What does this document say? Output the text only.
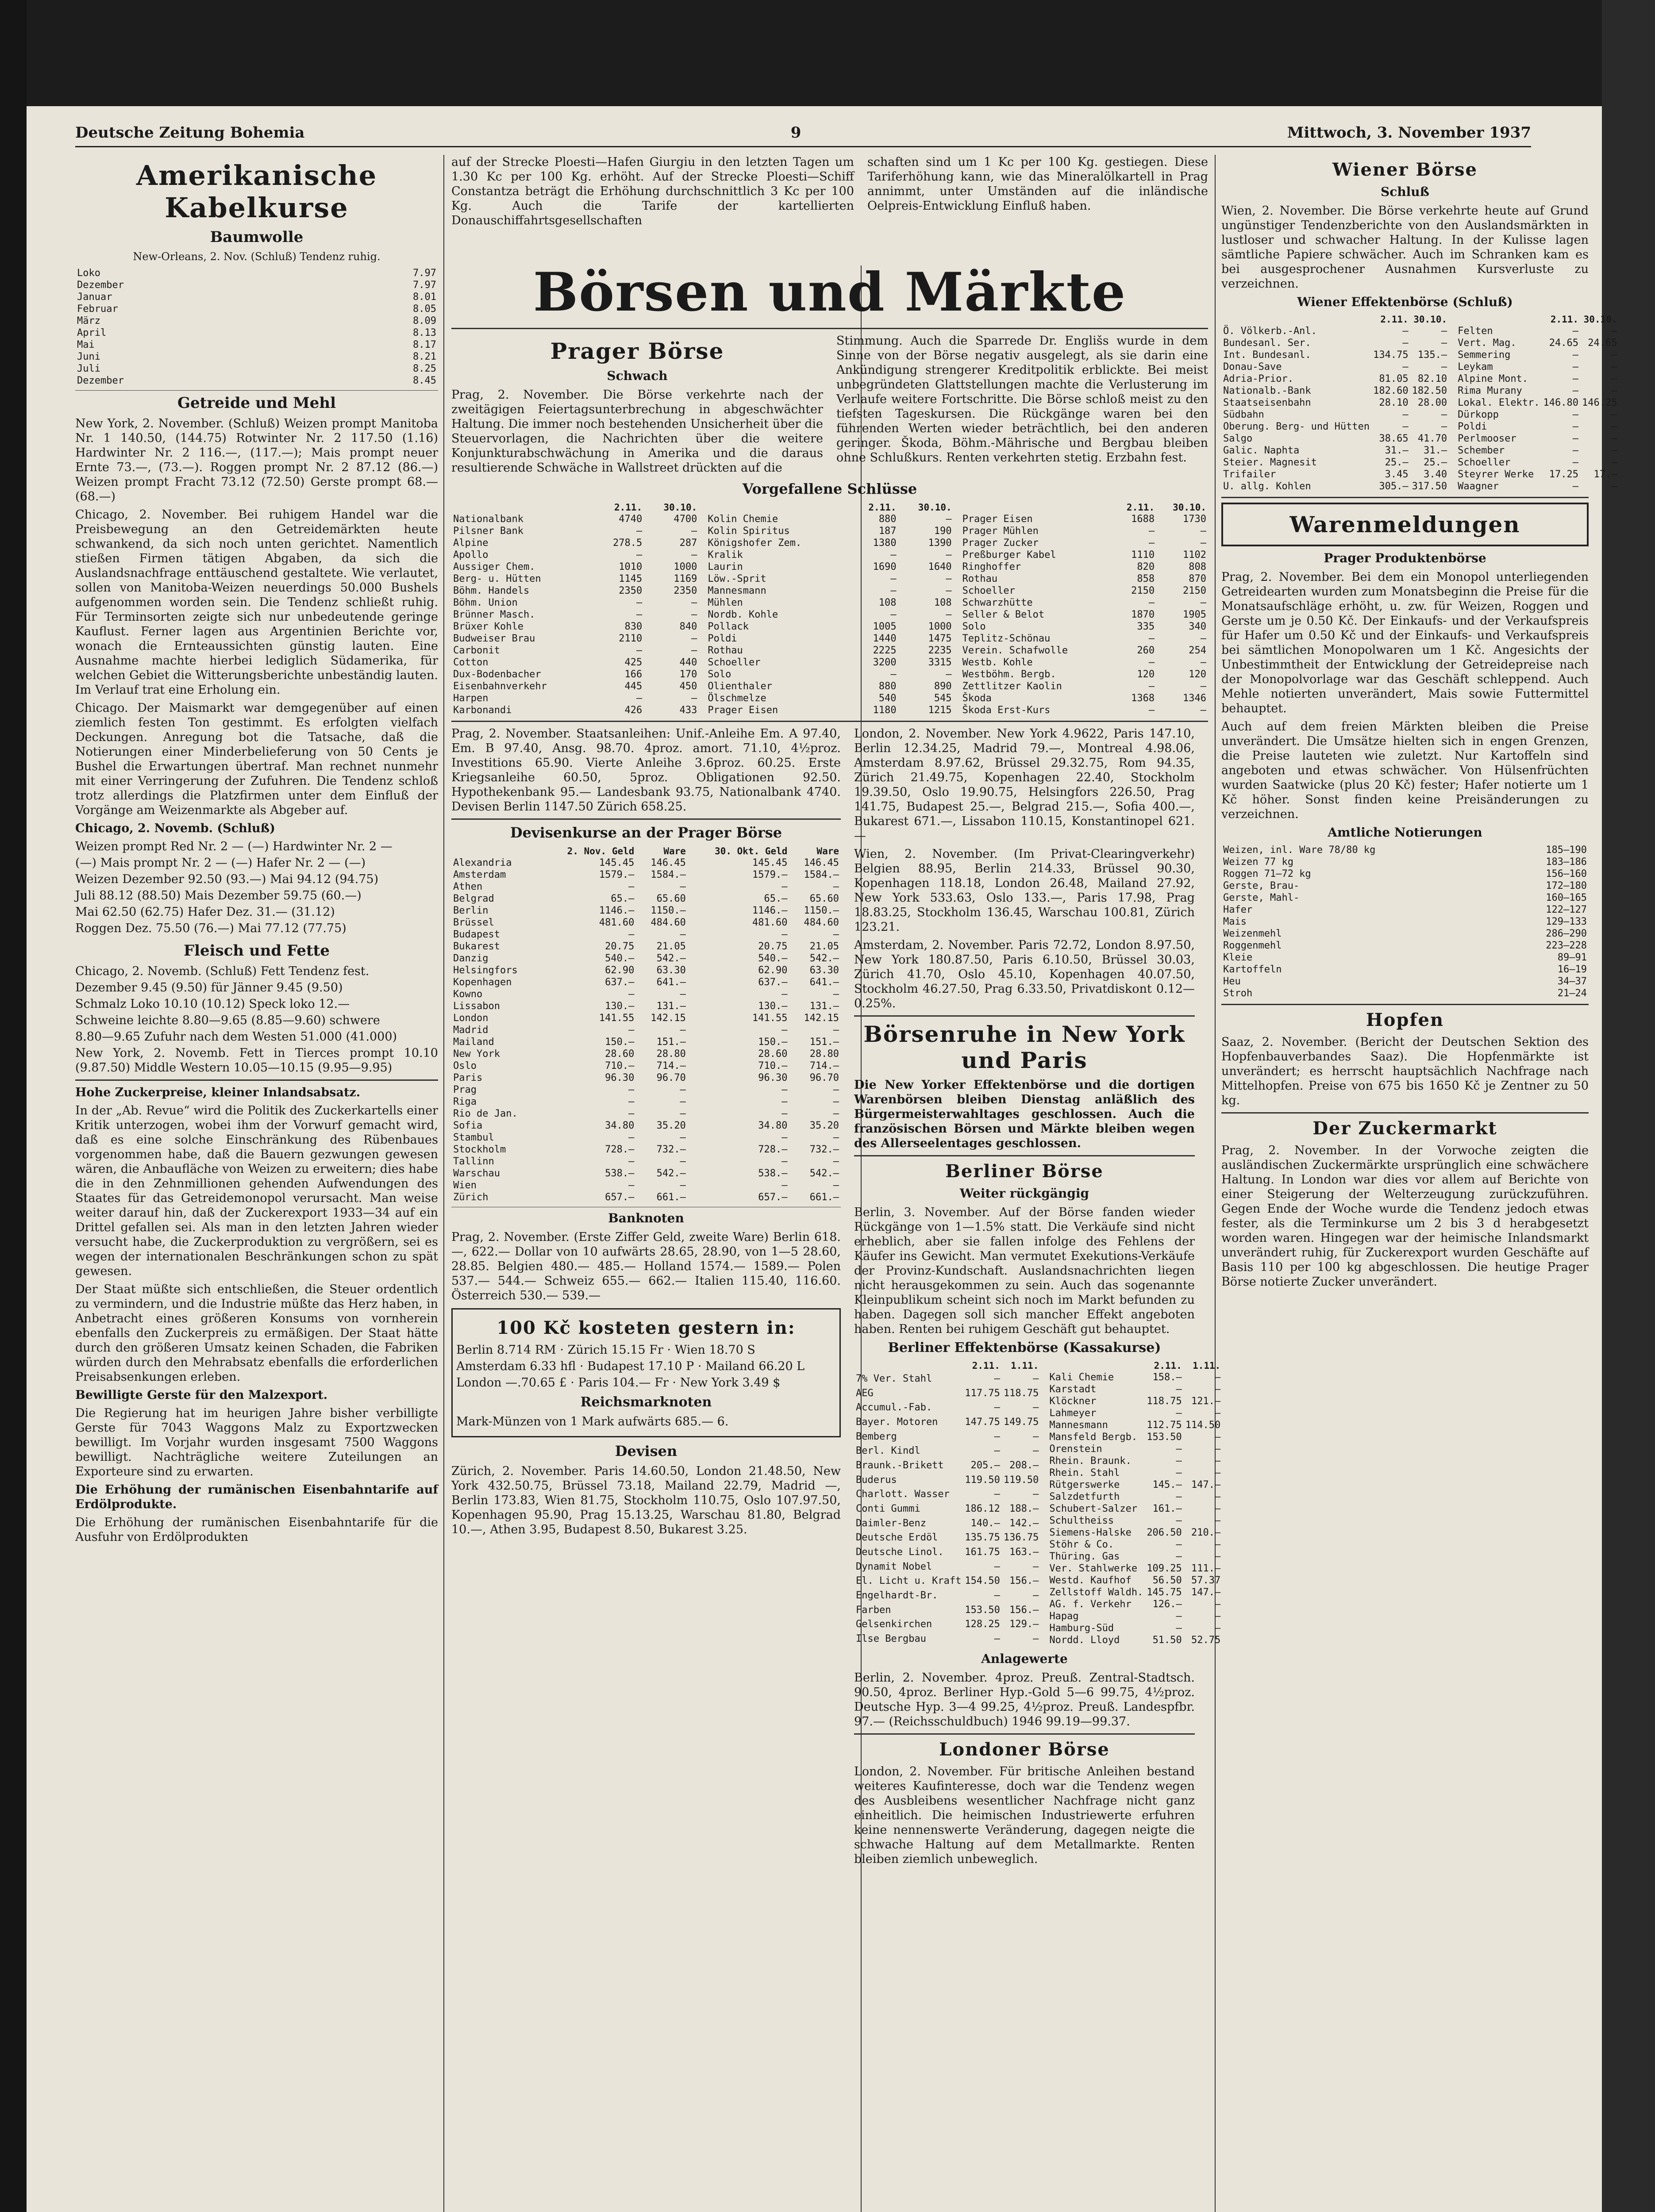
Deutsche Zeitung Bohemia	9	Mittwoch, 3. November 1937
Amerikanische Kabelkurse
Baumwolle
New-Orleans, 2. Nov. (Schluß) Tendenz ruhig.
Loko	7.97
Dezember	7.97
Januar	8.01
Februar	8.05
März	8.09
April	8.13
Mai	8.17
Juni	8.21
Juli	8.25
Dezember	8.45
Getreide und Mehl

New York, 2. November. (Schluß) Weizen prompt Manitoba Nr. 1 140.50, (144.75) Rotwinter Nr. 2 117.50 (1.16) Hardwinter Nr. 2 116.—, (117.—); Mais prompt neuer Ernte 73.—, (73.—). Roggen prompt Nr. 2 87.12 (86.—) Weizen prompt Fracht 73.12 (72.50) Gerste prompt 68.— (68.—)

Chicago, 2. November. Bei ruhigem Handel war die Preisbewegung an den Getreidemärkten heute schwankend, da sich noch unten gerichtet. Namentlich stießen Firmen tätigen Abgaben, da sich die Auslandsnachfrage enttäuschend gestaltete. Wie verlautet, sollen von Manitoba-Weizen neuerdings 50.000 Bushels aufgenommen worden sein. Die Tendenz schließt ruhig. Für Terminsorten zeigte sich nur unbedeutende geringe Kauflust. Ferner lagen aus Argentinien Berichte vor, wonach die Ernteaussichten günstig lauten. Eine Ausnahme machte hierbei lediglich Südamerika, für welchen Gebiet die Witterungsberichte unbeständig lauten. Im Verlauf trat eine Erholung ein.

Chicago. Der Maismarkt war demgegenüber auf einen ziemlich festen Ton gestimmt. Es erfolgten vielfach Deckungen. Anregung bot die Tatsache, daß die Notierungen einer Minderbelieferung von 50 Cents je Bushel die Erwartungen übertraf. Man rechnet nunmehr mit einer Verringerung der Zufuhren. Die Tendenz schloß trotz allerdings die Platzfirmen unter dem Einfluß der Vorgänge am Weizenmarkte als Abgeber auf.

Chicago, 2. Novemb. (Schluß)

Weizen prompt Red Nr. 2 — (—) Hardwinter Nr. 2 —

(—) Mais prompt Nr. 2 — (—) Hafer Nr. 2 — (—)

Weizen Dezember 92.50 (93.—) Mai 94.12 (94.75)

Juli 88.12 (88.50) Mais Dezember 59.75 (60.—)

Mai 62.50 (62.75) Hafer Dez. 31.— (31.12)

Roggen Dez. 75.50 (76.—) Mai 77.12 (77.75)

Fleisch und Fette

Chicago, 2. Novemb. (Schluß) Fett Tendenz fest.

Dezember 9.45 (9.50) für Jänner 9.45 (9.50)

Schmalz Loko 10.10 (10.12) Speck loko 12.—

Schweine leichte 8.80—9.65 (8.85—9.60) schwere

8.80—9.65 Zufuhr nach dem Westen 51.000 (41.000)

New York, 2. Novemb. Fett in Tierces prompt 10.10 (9.87.50) Middle Western 10.05—10.15 (9.95—9.95)

Hohe Zuckerpreise, kleiner Inlandsabsatz.

In der „Ab. Revue“ wird die Politik des Zuckerkartells einer Kritik unterzogen, wobei ihm der Vorwurf gemacht wird, daß es eine solche Einschränkung des Rübenbaues vorgenommen habe, daß die Bauern gezwungen gewesen wären, die Anbaufläche von Weizen zu erweitern; dies habe die in den Zehnmillionen gehenden Aufwendungen des Staates für das Getreidemonopol verursacht. Man weise weiter darauf hin, daß der Zuckerexport 1933—34 auf ein Drittel gefallen sei. Als man in den letzten Jahren wieder versucht habe, die Zuckerproduktion zu vergrößern, sei es wegen der internationalen Beschränkungen schon zu spät gewesen.

Der Staat müßte sich entschließen, die Steuer ordentlich zu vermindern, und die Industrie müßte das Herz haben, in Anbetracht eines größeren Konsums von vornherein ebenfalls den Zuckerpreis zu ermäßigen. Der Staat hätte durch den größeren Umsatz keinen Schaden, die Fabriken würden durch den Mehrabsatz ebenfalls die erforderlichen Preisabsenkungen erleben.

Bewilligte Gerste für den Malzexport.

Die Regierung hat im heurigen Jahre bisher verbilligte Gerste für 7043 Waggons Malz zu Exportzwecken bewilligt. Im Vorjahr wurden insgesamt 7500 Waggons bewilligt. Nachträgliche weitere Zuteilungen an Exporteure sind zu erwarten.

Die Erhöhung der rumänischen Eisenbahntarife auf Erdölprodukte.

Die Erhöhung der rumänischen Eisenbahntarife für die Ausfuhr von Erdölprodukten

auf der Strecke Ploesti—Hafen Giurgiu in den letzten Tagen um 1.30 Kc per 100 Kg. erhöht. Auf der Strecke Ploesti—Schiff Constantza beträgt die Erhöhung durchschnittlich 3 Kc per 100 Kg. Auch die Tarife der kartellierten Donauschiffahrtsgesellschaften

schaften sind um 1 Kc per 100 Kg. gestiegen. Diese Tariferhöhung kann, wie das Mineralölkartell in Prag annimmt, unter Umständen auf die inländische Oelpreis-Entwicklung Einfluß haben.

Börsen und Märkte
Prager Börse
Schwach

Prag, 2. November. Die Börse verkehrte nach der zweitägigen Feiertagsunterbrechung in abgeschwächter Haltung. Die immer noch bestehenden Unsicherheit über die Steuervorlagen, die Nachrichten über die weitere Konjunkturabschwächung in Amerika und die daraus resultierende Schwäche in Wallstreet drückten auf die

Stimmung. Auch die Sparrede Dr. Englišs wurde in dem Sinne von der Börse negativ ausgelegt, als sie darin eine Ankündigung strengerer Kreditpolitik erblickte. Bei meist unbegründeten Glattstellungen machte die Verlusterung im Verlaufe weitere Fortschritte. Die Börse schloß meist zu den tiefsten Tageskursen. Die Rückgänge waren bei den führenden Werten wieder beträchtlich, bei den anderen geringer. Škoda, Böhm.-Mährische und Bergbau bleiben ohne Schlußkurs. Renten verkehrten stetig. Erzbahn fest.

Vorgefallene Schlüsse
	2.11.	30.10.
Nationalbank	4740	4700
Pilsner Bank	—	—
Alpine	278.5	287
Apollo	—	—
Aussiger Chem.	1010	1000
Berg- u. Hütten	1145	1169
Böhm. Handels	2350	2350
Böhm. Union	—	—
Brünner Masch.	—	—
Brüxer Kohle	830	840
Budweiser Brau	2110	—
Carbonit	—	—
Cotton	425	440
Dux-Bodenbacher	166	170
Eisenbahnverkehr	445	450
Harpen	—	—
Karbonandi	426	433
	2.11.	30.10.
Kolin Chemie	880	—
Kolin Spiritus	187	190
Königshofer Zem.	1380	1390
Kralik	—	—
Laurin	1690	1640
Löw.-Sprit	—	—
Mannesmann	—	—
Mühlen	108	108
Nordb. Kohle	—	—
Pollack	1005	1000
Poldi	1440	1475
Rothau	2225	2235
Schoeller	3200	3315
Solo	—	—
Olienthaler	880	890
Ölschmelze	540	545
Prager Eisen	1180	1215
	2.11.	30.10.
Prager Eisen	1688	1730
Prager Mühlen	—	—
Prager Zucker	—	—
Preßburger Kabel	1110	1102
Ringhoffer	820	808
Rothau	858	870
Schoeller	2150	2150
Schwarzhütte	—	—
Seller & Belot	1870	1905
Solo	335	340
Teplitz-Schönau	—	—
Verein. Schafwolle	260	254
Westb. Kohle	—	—
Westböhm. Bergb.	120	120
Zettlitzer Kaolin	—	—
Škoda	1368	1346
Škoda Erst-Kurs	—	—

Prag, 2. November. Staatsanleihen: Unif.-Anleihe Em. A 97.40, Em. B 97.40, Ansg. 98.70. 4proz. amort. 71.10, 4½proz. Investitions 65.90. Vierte Anleihe 3.6proz. 60.25. Erste Kriegsanleihe 60.50, 5proz. Obligationen 92.50. Hypothekenbank 95.— Landesbank 93.75, Nationalbank 4740. Devisen Berlin 1147.50 Zürich 658.25.

Devisenkurse an der Prager Börse
	2. Nov. Geld	Ware	30. Okt. Geld	Ware
Alexandria	145.45	146.45	145.45	146.45
Amsterdam	1579.—	1584.—	1579.—	1584.—
Athen	—	—	—	—
Belgrad	65.—	65.60	65.—	65.60
Berlin	1146.—	1150.—	1146.—	1150.—
Brüssel	481.60	484.60	481.60	484.60
Budapest	—	—	—	—
Bukarest	20.75	21.05	20.75	21.05
Danzig	540.—	542.—	540.—	542.—
Helsingfors	62.90	63.30	62.90	63.30
Kopenhagen	637.—	641.—	637.—	641.—
Kowno	—	—	—	—
Lissabon	130.—	131.—	130.—	131.—
London	141.55	142.15	141.55	142.15
Madrid	—	—	—	—
Mailand	150.—	151.—	150.—	151.—
New York	28.60	28.80	28.60	28.80
Oslo	710.—	714.—	710.—	714.—
Paris	96.30	96.70	96.30	96.70
Prag	—	—	—	—
Riga	—	—	—	—
Rio de Jan.	—	—	—	—
Sofia	34.80	35.20	34.80	35.20
Stambul	—	—	—	—
Stockholm	728.—	732.—	728.—	732.—
Tallinn	—	—	—	—
Warschau	538.—	542.—	538.—	542.—
Wien	—	—	—	—
Zürich	657.—	661.—	657.—	661.—
Banknoten

Prag, 2. November. (Erste Ziffer Geld, zweite Ware) Berlin 618.—, 622.— Dollar von 10 aufwärts 28.65, 28.90, von 1—5 28.60, 28.85. Belgien 480.— 485.— Holland 1574.— 1589.— Polen 537.— 544.— Schweiz 655.— 662.— Italien 115.40, 116.60. Österreich 530.— 539.—

100 Kč kosteten gestern in:

Berlin 8.714 RM · Zürich 15.15 Fr · Wien 18.70 S

Amsterdam 6.33 hfl · Budapest 17.10 P · Mailand 66.20 L

London —.70.65 £ · Paris 104.— Fr · New York 3.49 $

Reichsmarknoten

Mark-Münzen von 1 Mark aufwärts 685.— 6.

Devisen

Zürich, 2. November. Paris 14.60.50, London 21.48.50, New York 432.50.75, Brüssel 73.18, Mailand 22.79, Madrid —, Berlin 173.83, Wien 81.75, Stockholm 110.75, Oslo 107.97.50, Kopenhagen 95.90, Prag 15.13.25, Warschau 81.80, Belgrad 10.—, Athen 3.95, Budapest 8.50, Bukarest 3.25.

London, 2. November. New York 4.9622, Paris 147.10, Berlin 12.34.25, Madrid 79.—, Montreal 4.98.06, Amsterdam 8.97.62, Brüssel 29.32.75, Rom 94.35, Zürich 21.49.75, Kopenhagen 22.40, Stockholm 19.39.50, Oslo 19.90.75, Helsingfors 226.50, Prag 141.75, Budapest 25.—, Belgrad 215.—, Sofia 400.—, Bukarest 671.—, Lissabon 110.15, Konstantinopel 621.—

Wien, 2. November. (Im Privat-Clearingverkehr) Belgien 88.95, Berlin 214.33, Brüssel 90.30, Kopenhagen 118.18, London 26.48, Mailand 27.92, New York 533.63, Oslo 133.—, Paris 17.98, Prag 18.83.25, Stockholm 136.45, Warschau 100.81, Zürich 123.21.

Amsterdam, 2. November. Paris 72.72, London 8.97.50, New York 180.87.50, Paris 6.10.50, Brüssel 30.03, Zürich 41.70, Oslo 45.10, Kopenhagen 40.07.50, Stockholm 46.27.50, Prag 6.33.50, Privatdiskont 0.12—0.25%.

Börsenruhe in New York und Paris

Die New Yorker Effektenbörse und die dortigen Warenbörsen bleiben Dienstag anläßlich des Bürgermeisterwahltages geschlossen. Auch die französischen Börsen und Märkte bleiben wegen des Allerseelentages geschlossen.

Berliner Börse
Weiter rückgängig

Berlin, 3. November. Auf der Börse fanden wieder Rückgänge von 1—1.5% statt. Die Verkäufe sind nicht erheblich, aber sie fallen infolge des Fehlens der Käufer ins Gewicht. Man vermutet Exekutions-Verkäufe der Provinz-Kundschaft. Auslandsnachrichten liegen nicht herausgekommen zu sein. Auch das sogenannte Kleinpublikum scheint sich noch im Markt befunden zu haben. Dagegen soll sich mancher Effekt angeboten haben. Renten bei ruhigem Geschäft gut behauptet.

Berliner Effektenbörse (Kassakurse)
	2.11.	1.11.
7% Ver. Stahl	—	—
AEG	117.75	118.75
Accumul.-Fab.	—	—
Bayer. Motoren	147.75	149.75
Bemberg	—	—
Berl. Kindl	—	—
Braunk.-Brikett	205.—	208.—
Buderus	119.50	119.50
Charlott. Wasser	—	—
Conti Gummi	186.12	188.—
Daimler-Benz	140.—	142.—
Deutsche Erdöl	135.75	136.75
Deutsche Linol.	161.75	163.—
Dynamit Nobel	—	—
El. Licht u. Kraft	154.50	156.—
Engelhardt-Br.	—	—
Farben	153.50	156.—
Gelsenkirchen	128.25	129.—
Ilse Bergbau	—	—
	2.11.	1.11.
Kali Chemie	158.—	—
Karstadt	—	—
Klöckner	118.75	121.—
Lahmeyer	—	—
Mannesmann	112.75	114.50
Mansfeld Bergb.	153.50	—
Orenstein	—	—
Rhein. Braunk.	—	—
Rhein. Stahl	—	—
Rütgerswerke	145.—	147.—
Salzdetfurth	—	—
Schubert-Salzer	161.—	—
Schultheiss	—	—
Siemens-Halske	206.50	210.—
Stöhr & Co.	—	—
Thüring. Gas	—	—
Ver. Stahlwerke	109.25	111.—
Westd. Kaufhof	56.50	57.37
Zellstoff Waldh.	145.75	147.—
AG. f. Verkehr	126.—	—
Hapag	—	—
Hamburg-Süd	—	—
Nordd. Lloyd	51.50	52.75
Anlagewerte

Berlin, 2. November. 4proz. Preuß. Zentral-Stadtsch. 90.50, 4proz. Berliner Hyp.-Gold 5—6 99.75, 4½proz. Deutsche Hyp. 3—4 99.25, 4½proz. Preuß. Landespfbr. 97.— (Reichsschuldbuch) 1946 99.19—99.37.

Londoner Börse

London, 2. November. Für britische Anleihen bestand weiteres Kaufinteresse, doch war die Tendenz wegen des Ausbleibens wesentlicher Nachfrage nicht ganz einheitlich. Die heimischen Industriewerte erfuhren keine nennenswerte Veränderung, dagegen neigte die schwache Haltung auf dem Metallmarkte. Renten bleiben ziemlich unbeweglich.

Wiener Börse
Schluß

Wien, 2. November. Die Börse verkehrte heute auf Grund ungünstiger Tendenzberichte von den Auslandsmärkten in lustloser und schwacher Haltung. In der Kulisse lagen sämtliche Papiere schwächer. Auch im Schranken kam es bei ausgesprochener Ausnahmen Kursverluste zu verzeichnen.

Wiener Effektenbörse (Schluß)
	2.11.	30.10.
Ö. Völkerb.-Anl.	—	—
Bundesanl. Ser.	—	—
Int. Bundesanl.	134.75	135.—
Donau-Save	—	—
Adria-Prior.	81.05	82.10
Nationalb.-Bank	182.60	182.50
Staatseisenbahn	28.10	28.00
Südbahn	—	—
Oberung. Berg- und Hütten	—	—
Salgo	38.65	41.70
Galic. Naphta	31.—	31.—
Steier. Magnesit	25.—	25.—
Trifailer	3.45	3.40
U. allg. Kohlen	305.—	317.50
	2.11.	30.10.
Felten	—	—
Vert. Mag.	24.65	24.65
Semmering	—	—
Leykam	—	—
Alpine Mont.	—	—
Rima Murany	—	—
Lokal. Elektr.	146.80	146.25
Dürkopp	—	—
Poldi	—	—
Perlmooser	—	—
Schember	—	—
Schoeller	—	—
Steyrer Werke	17.25	17.—
Waagner	—	—
Warenmeldungen
Prager Produktenbörse

Prag, 2. November. Bei dem ein Monopol unterliegenden Getreidearten wurden zum Monatsbeginn die Preise für die Monatsaufschläge erhöht, u. zw. für Weizen, Roggen und Gerste um je 0.50 Kč. Der Einkaufs- und der Verkaufspreis für Hafer um 0.50 Kč und der Einkaufs- und Verkaufspreis bei sämtlichen Monopolwaren um 1 Kč. Angesichts der Unbestimmtheit der Entwicklung der Getreidepreise nach der Monopolvorlage war das Geschäft schleppend. Auch Mehle notierten unverändert, Mais sowie Futtermittel behauptet.

Auch auf dem freien Märkten bleiben die Preise unverändert. Die Umsätze hielten sich in engen Grenzen, die Preise lauteten wie zuletzt. Nur Kartoffeln sind angeboten und etwas schwächer. Von Hülsenfrüchten wurden Saatwicke (plus 20 Kč) fester; Hafer notierte um 1 Kč höher. Sonst finden keine Preisänderungen zu verzeichnen.

Amtliche Notierungen
Weizen, inl. Ware 78/80 kg	185—190
Weizen 77 kg	183—186
Roggen 71—72 kg	156—160
Gerste, Brau-	172—180
Gerste, Mahl-	160—165
Hafer	122—127
Mais	129—133
Weizenmehl	286—290
Roggenmehl	223—228
Kleie	89—91
Kartoffeln	16—19
Heu	34—37
Stroh	21—24
Hopfen

Saaz, 2. November. (Bericht der Deutschen Sektion des Hopfenbauverbandes Saaz). Die Hopfenmärkte ist unverändert; es herrscht hauptsächlich Nachfrage nach Mittelhopfen. Preise von 675 bis 1650 Kč je Zentner zu 50 kg.

Der Zuckermarkt

Prag, 2. November. In der Vorwoche zeigten die ausländischen Zuckermärkte ursprünglich eine schwächere Haltung. In London war dies vor allem auf Berichte von einer Steigerung der Welterzeugung zurückzuführen. Gegen Ende der Woche wurde die Tendenz jedoch etwas fester, als die Terminkurse um 2 bis 3 d herabgesetzt worden waren. Hingegen war der heimische Inlandsmarkt unverändert ruhig, für Zuckerexport wurden Geschäfte auf Basis 110 per 100 kg abgeschlossen. Die heutige Prager Börse notierte Zucker unverändert.
